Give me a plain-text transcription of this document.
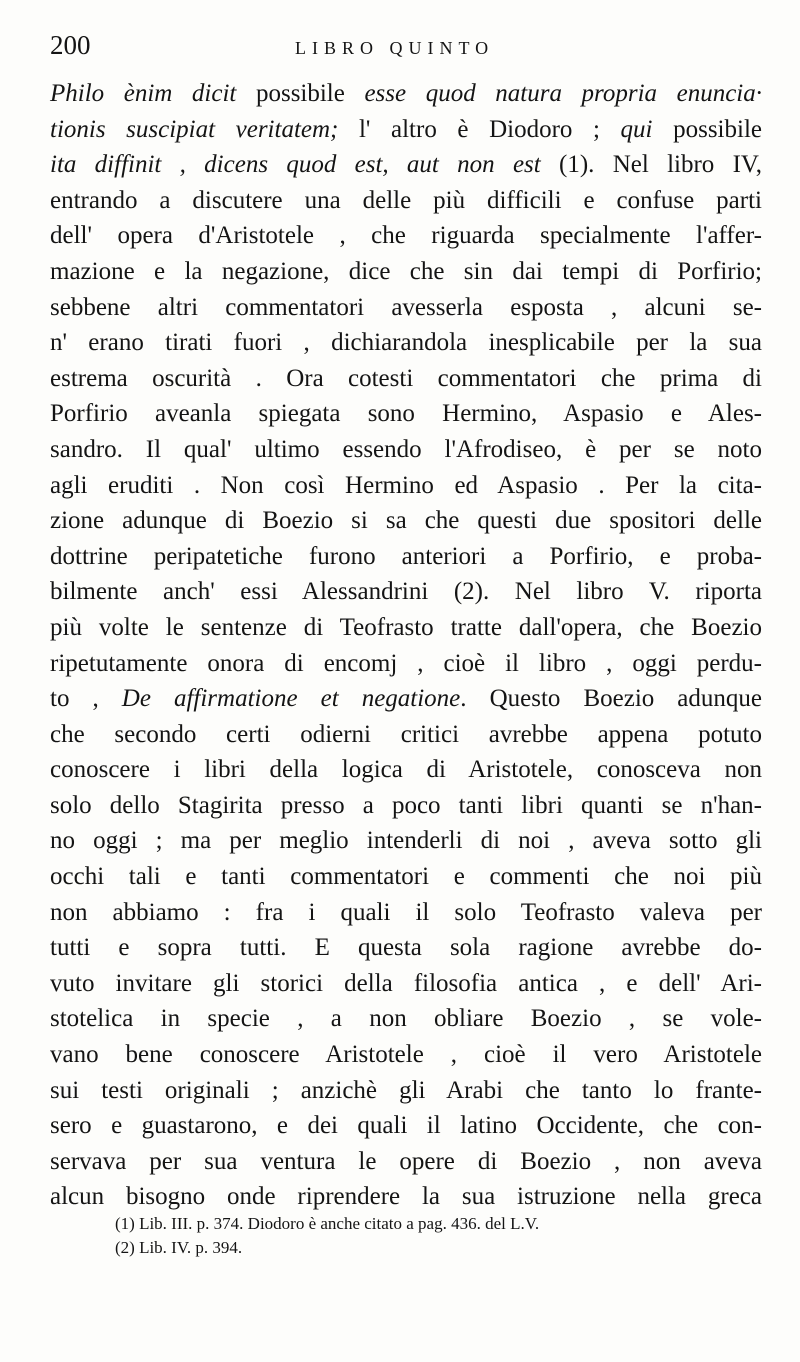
200	LIBRO QUINTO
Philo ènim dicit possibile esse quod natura propria enuncia·
tionis suscipiat veritatem; l' altro è Diodoro ; qui possibile
ita diffinit , dicens quod est, aut non est (1). Nel libro IV,
entrando a discutere una delle più difficili e confuse parti
dell' opera d'Aristotele , che riguarda specialmente l'affer-
mazione e la negazione, dice che sin dai tempi di Porfirio;
sebbene altri commentatori avesserla esposta , alcuni se-
n' erano tirati fuori , dichiarandola inesplicabile per la sua
estrema oscurità . Ora cotesti commentatori che prima di
Porfirio aveanla spiegata sono Hermino, Aspasio e Ales-
sandro. Il qual' ultimo essendo l'Afrodiseo, è per se noto
agli eruditi . Non così Hermino ed Aspasio . Per la cita-
zione adunque di Boezio si sa che questi due spositori delle
dottrine peripatetiche furono anteriori a Porfirio, e proba-
bilmente anch' essi Alessandrini (2). Nel libro V. riporta
più volte le sentenze di Teofrasto tratte dall'opera, che Boezio
ripetutamente onora di encomj , cioè il libro , oggi perdu-
to , De affirmatione et negatione. Questo Boezio adunque
che secondo certi odierni critici avrebbe appena potuto
conoscere i libri della logica di Aristotele, conosceva non
solo dello Stagirita presso a poco tanti libri quanti se n'han-
no oggi ; ma per meglio intenderli di noi , aveva sotto gli
occhi tali e tanti commentatori e commenti che noi più
non abbiamo : fra i quali il solo Teofrasto valeva per
tutti e sopra tutti. E questa sola ragione avrebbe do-
vuto invitare gli storici della filosofia antica , e dell' Ari-
stotelica in specie , a non obliare Boezio , se vole-
vano bene conoscere Aristotele , cioè il vero Aristotele
sui testi originali ; anzichè gli Arabi che tanto lo frante-
sero e guastarono, e dei quali il latino Occidente, che con-
servava per sua ventura le opere di Boezio , non aveva
alcun bisogno onde riprendere la sua istruzione nella greca
(1) Lib. III. p. 374. Diodoro è anche citato a pag. 436. del L.V.
(2) Lib. IV. p. 394.
